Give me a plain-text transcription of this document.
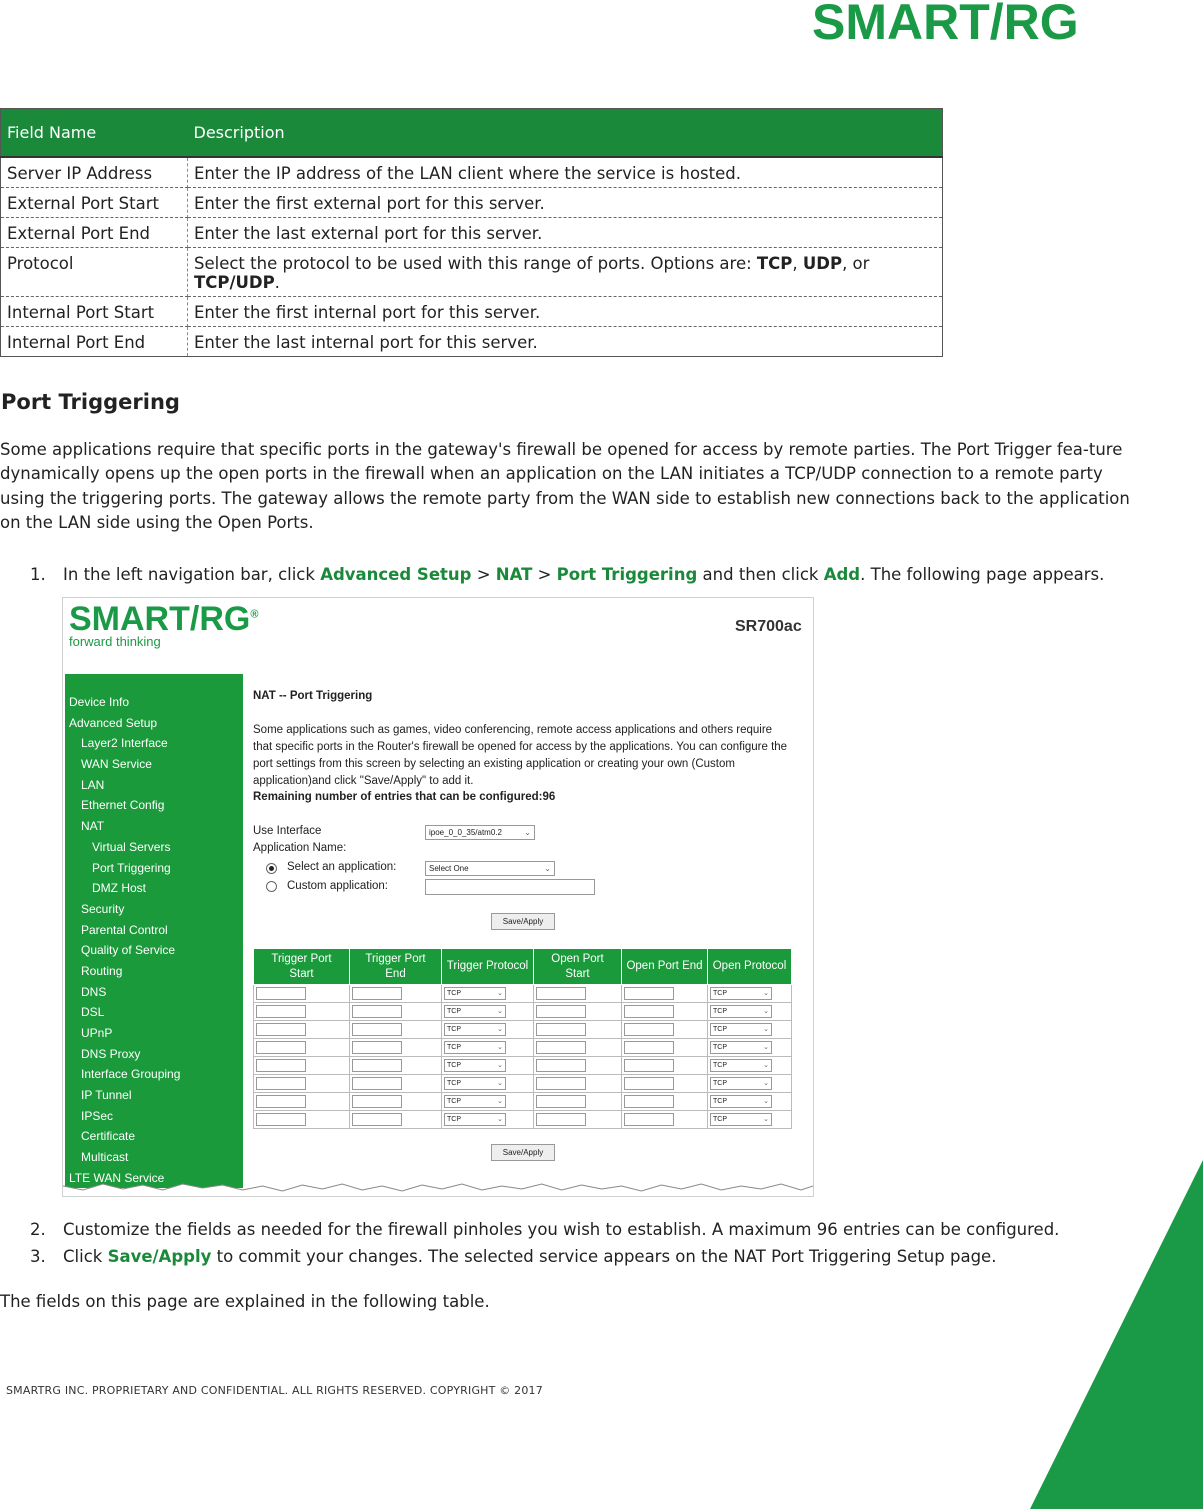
SMART/RG
Field Name	Description
Server IP Address	Enter the IP address of the LAN client where the service is hosted.
External Port Start	Enter the first external port for this server.
External Port End	Enter the last external port for this server.
Protocol	Select the protocol to be used with this range of ports. Options are: TCP, UDP, or
TCP/UDP.
Internal Port Start	Enter the first internal port for this server.
Internal Port End	Enter the last internal port for this server.
Port Triggering

Some applications require that specific ports in the gateway's firewall be opened for access by remote parties. The Port Trigger fea-ture dynamically opens up the open ports in the firewall when an application on the LAN initiates a TCP/UDP connection to a remote party using the triggering ports. The gateway allows the remote party from the WAN side to establish new connections back to the application on the LAN side using the Open Ports.

1. In the left navigation bar, click Advanced Setup > NAT > Port Triggering and then click Add. The following page appears.
SMART/RG®
forward thinking
SR700ac
Device Info
Advanced Setup
Layer2 Interface
WAN Service
LAN
Ethernet Config
NAT
Virtual Servers
Port Triggering
DMZ Host
Security
Parental Control
Quality of Service
Routing
DNS
DSL
UPnP
DNS Proxy
Interface Grouping
IP Tunnel
IPSec
Certificate
Multicast
LTE WAN Service
NAT -- Port Triggering
Some applications such as games, video conferencing, remote access applications and others require that specific ports in the Router's firewall be opened for access by the applications. You can configure the port settings from this screen by selecting an existing application or creating your own (Custom application)and click "Save/Apply" to add it.
Remaining number of entries that can be configured:96
Use Interface	ipoe_0_0_35/atm0.2	⌄
Application Name:
Select an application:	Select One	⌄
Custom application:
Save/Apply
Trigger Port Start	Trigger Port End	Trigger Protocol	Open Port Start	Open Port End	Open Protocol

		TCP ⌄			TCP ⌄

		TCP ⌄			TCP ⌄

		TCP ⌄			TCP ⌄

		TCP ⌄			TCP ⌄

		TCP ⌄			TCP ⌄

		TCP ⌄			TCP ⌄

		TCP ⌄			TCP ⌄

		TCP ⌄			TCP ⌄
Save/Apply
2. Customize the fields as needed for the firewall pinholes you wish to establish. A maximum 96 entries can be configured.
3. Click Save/Apply to commit your changes. The selected service appears on the NAT Port Triggering Setup page.

The fields on this page are explained in the following table.

SMARTRG INC. PROPRIETARY AND CONFIDENTIAL. ALL RIGHTS RESERVED. COPYRIGHT © 2017
